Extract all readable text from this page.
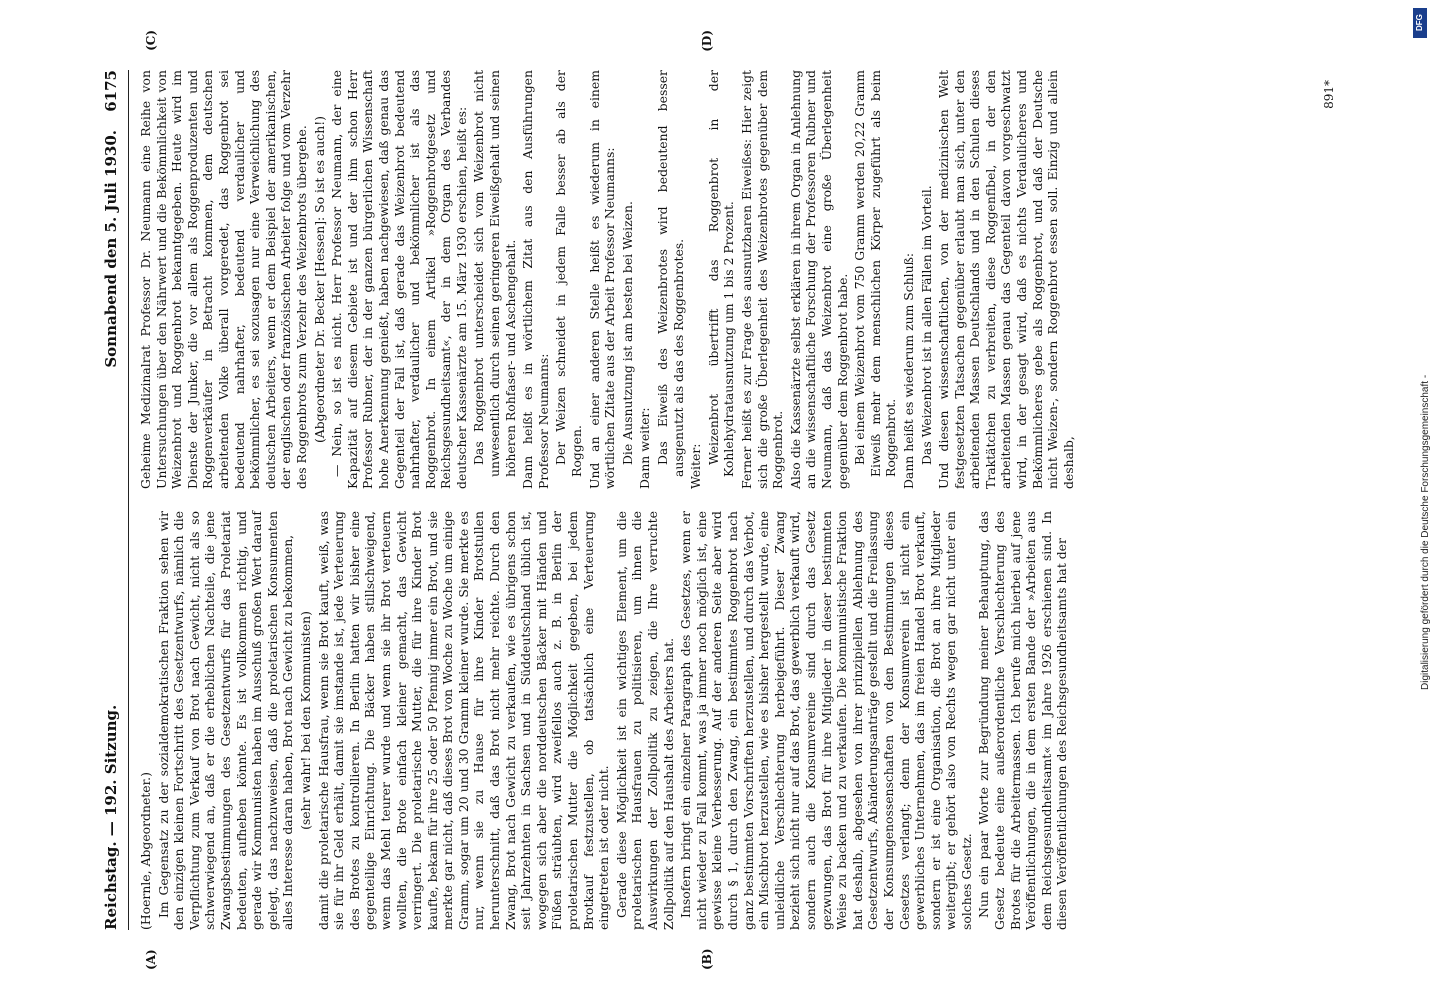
Reichstag. — 192. Sitzung.
Sonnabend den 5. Juli 1930.
6175
(A)	(B)
(C)	(D)

(Hoernle, Abgeordneter.) Im Gegensatz zu der sozialdemokratischen Fraktion sehen wir den einzigen kleinen Fortschritt des Gesetzentwurfs, nämlich die Verpflichtung zum Verkauf von Brot nach Gewicht, nicht als so schwerwiegend an, daß er die erheblichen Nachteile, die jene Zwangsbestimmungen des Gesetzentwurfs für das Proletariat bedeuten, aufheben könnte. Es ist vollkommen richtig, und gerade wir Kommunisten haben im Ausschuß großen Wert darauf gelegt, das nachzuweisen, daß die proletarischen Konsumenten alles Interesse daran haben, Brot nach Gewicht zu bekommen, (sehr wahr! bei den Kommunisten) damit die proletarische Hausfrau, wenn sie Brot kauft, weiß, was sie für ihr Geld erhält, damit sie imstande ist, jede Verteuerung des Brotes zu kontrollieren. In Berlin hatten wir bisher eine gegenteilige Einrichtung. Die Bäcker haben stillschweigend, wenn das Mehl teurer wurde und wenn sie ihr Brot verteuern wollten, die Brote einfach kleiner gemacht, das Gewicht verringert. Die proletarische Mutter, die für ihre Kinder Brot kaufte, bekam für ihre 25 oder 50 Pfennig immer ein Brot, und sie merkte gar nicht, daß dieses Brot von Woche zu Woche um einige Gramm, sogar um 20 und 30 Gramm kleiner wurde. Sie merkte es nur, wenn sie zu Hause für ihre Kinder Brotstullen herunterschnitt, daß das Brot nicht mehr reichte. Durch den Zwang, Brot nach Gewicht zu verkaufen, wie es übrigens schon seit Jahrzehnten in Sachsen und in Süddeutschland üblich ist, wogegen sich aber die norddeutschen Bäcker mit Händen und Füßen sträubten, wird zweifellos auch z. B. in Berlin der proletarischen Mutter die Möglichkeit gegeben, bei jedem Brotkauf festzustellen, ob tatsächlich eine Verteuerung eingetreten ist oder nicht. Gerade diese Möglichkeit ist ein wichtiges Element, um die proletarischen Hausfrauen zu politisieren, um ihnen die Auswirkungen der Zollpolitik zu zeigen, die Ihre verruchte Zollpolitik auf den Haushalt des Arbeiters hat. Insofern bringt ein einzelner Paragraph des Gesetzes, wenn er nicht wieder zu Fall kommt, was ja immer noch möglich ist, eine gewisse kleine Verbesserung. Auf der anderen Seite aber wird durch § 1, durch den Zwang, ein bestimmtes Roggenbrot nach ganz bestimmten Vorschriften herzustellen, und durch das Verbot, ein Mischbrot herzustellen, wie es bisher hergestellt wurde, eine unleidliche Verschlechterung herbeigeführt. Dieser Zwang bezieht sich nicht nur auf das Brot, das gewerblich verkauft wird, sondern auch die Konsumvereine sind durch das Gesetz gezwungen, das Brot für ihre Mitglieder in dieser bestimmten Weise zu backen und zu verkaufen. Die kommunistische Fraktion hat deshalb, abgesehen von ihrer prinzipiellen Ablehnung des Gesetzentwurfs, Abänderungsanträge gestellt und die Freilassung der Konsumgenossenschaften von den Bestimmungen dieses Gesetzes verlangt; denn der Konsumverein ist nicht ein gewerbliches Unternehmen, das im freien Handel Brot verkauft, sondern er ist eine Organisation, die Brot an ihre Mitglieder weitergibt; er gehört also von Rechts wegen gar nicht unter ein solches Gesetz. Nun ein paar Worte zur Begründung meiner Behauptung, das Gesetz bedeute eine außerordentliche Verschlechterung des Brotes für die Arbeitermassen. Ich berufe mich hierbei auf jene Veröffentlichungen, die in dem ersten Bande der »Arbeiten aus dem Reichsgesundheitsamt« im Jahre 1926 erschienen sind. In diesen Veröffentlichungen des Reichsgesundheitsamts hat der

Geheime Medizinalrat Professor Dr. Neumann eine Reihe von Untersuchungen über den Nährwert und die Bekömmlichkeit von Weizenbrot und Roggenbrot bekanntgegeben. Heute wird im Dienste der Junker, die vor allem als Roggenproduzenten und Roggenverkäufer in Betracht kommen, dem deutschen arbeitenden Volke überall vorgeredet, das Roggenbrot sei bedeutend nahrhafter, bedeutend verdaulicher und bekömmlicher, es sei sozusagen nur eine Verweichlichung des deutschen Arbeiters, wenn er dem Beispiel der amerikanischen, der englischen oder französischen Arbeiter folge und vom Verzehr des Roggenbrots zum Verzehr des Weizenbrots übergehe. (Abgeordneter Dr. Becker [Hessen]: So ist es auch!) — Nein, so ist es nicht. Herr Professor Neumann, der eine Kapazität auf diesem Gebiete ist und der ihm schon Herr Professor Rubner, der in der ganzen bürgerlichen Wissenschaft hohe Anerkennung genießt, haben nachgewiesen, daß genau das Gegenteil der Fall ist, daß gerade das Weizenbrot bedeutend nahrhafter, verdaulicher und bekömmlicher ist als das Roggenbrot. In einem Artikel »Roggenbrotgesetz und Reichsgesundheitsamt«, der in dem Organ des Verbandes deutscher Kassenärzte am 15. März 1930 erschien, heißt es: Das Roggenbrot unterscheidet sich vom Weizenbrot nicht unwesentlich durch seinen geringeren Eiweißgehalt und seinen höheren Rohfaser- und Aschengehalt. Dann heißt es in wörtlichem Zitat aus den Ausführungen Professor Neumanns: Der Weizen schneidet in jedem Falle besser ab als der Roggen. Und an einer anderen Stelle heißt es wiederum in einem wörtlichen Zitate aus der Arbeit Professor Neumanns: Die Ausnutzung ist am besten bei Weizen. Dann weiter: Das Eiweiß des Weizenbrotes wird bedeutend besser ausgenutzt als das des Roggenbrotes. Weiter:

Weizenbrot übertrifft das Roggenbrot in der Kohlehydratausnutzung um 1 bis 2 Prozent. Ferner heißt es zur Frage des ausnutzbaren Eiweißes: Hier zeigt sich die große Überlegenheit des Weizenbrotes gegenüber dem Roggenbrot. Also die Kassenärzte selbst erklären in ihrem Organ in Anlehnung an die wissenschaftliche Forschung der Professoren Rubner und Neumann, daß das Weizenbrot eine große Überlegenheit gegenüber dem Roggenbrot habe. Bei einem Weizenbrot vom 750 Gramm werden 20,22 Gramm Eiweiß mehr dem menschlichen Körper zugeführt als beim Roggenbrot. Dann heißt es wiederum zum Schluß: Das Weizenbrot ist in allen Fällen im Vorteil. Und diesen wissenschaftlichen, von der medizinischen Welt festgesetzten Tatsachen gegenüber erlaubt man sich, unter den arbeitenden Massen Deutschlands und in den Schulen dieses Traktätchen zu verbreiten, diese Roggenfibel, in der den arbeitenden Massen genau das Gegenteil davon vorgeschwatzt wird, in der gesagt wird, daß es nichts Verdaulicheres und Bekömmlicheres gebe als Roggenbrot, und daß der Deutsche nicht Weizen-, sondern Roggenbrot essen soll. Einzig und allein deshalb,

891*
DFG
Digitalisierung gefördert durch die Deutsche Forschungsgemeinschaft -
